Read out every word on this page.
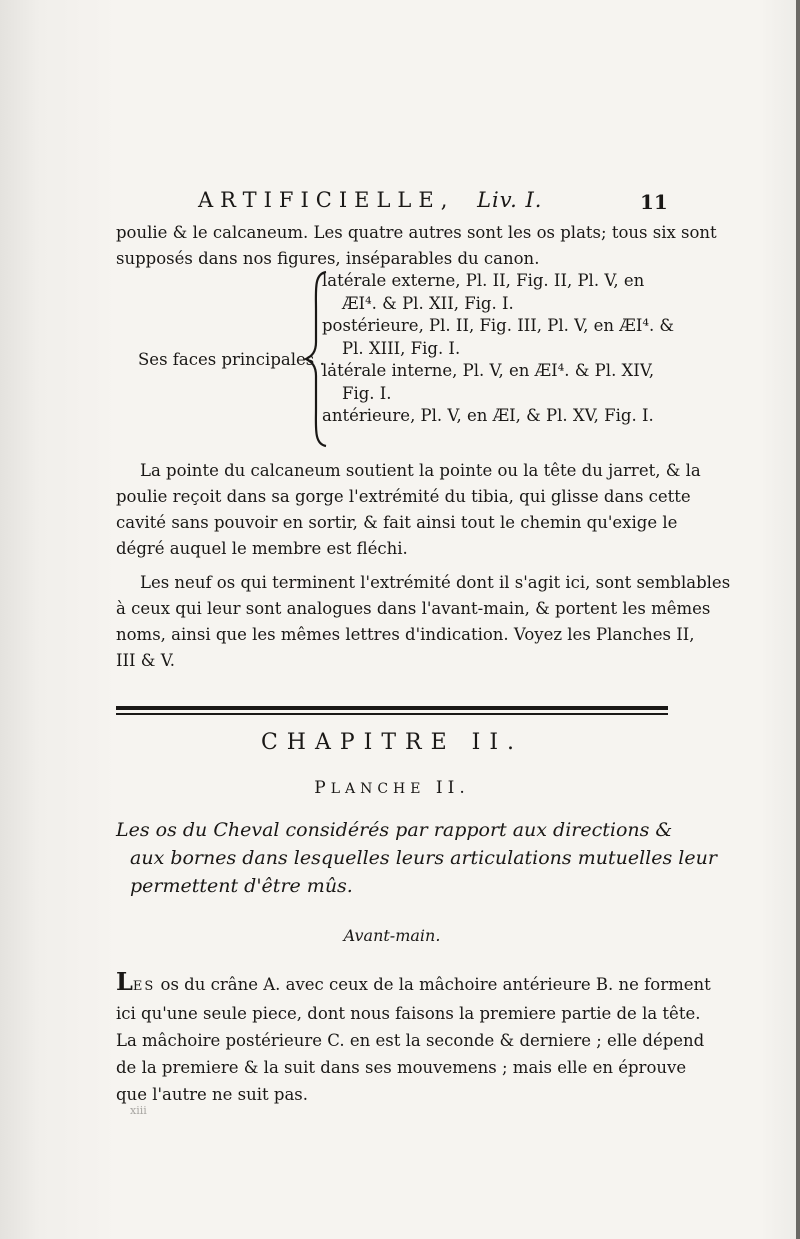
ARTIFICIELLE, Liv. I.	11
poulie & le calcaneum. Les quatre autres sont les os plats; tous six sont
supposés dans nos figures, inséparables du canon.
Ses faces principales . .
latérale externe, Pl. II, Fig. II, Pl. V, en
ÆI⁴. & Pl. XII, Fig. I.
postérieure, Pl. II, Fig. III, Pl. V, en ÆI⁴. &
Pl. XIII, Fig. I.
latérale interne, Pl. V, en ÆI⁴. & Pl. XIV,
Fig. I.
antérieure, Pl. V, en ÆI, & Pl. XV, Fig. I.
La pointe du calcaneum soutient la pointe ou la tête du jarret, & la
poulie reçoit dans sa gorge l'extrémité du tibia, qui glisse dans cette
cavité sans pouvoir en sortir, & fait ainsi tout le chemin qu'exige le
dégré auquel le membre est fléchi.
Les neuf os qui terminent l'extrémité dont il s'agit ici, sont semblables
à ceux qui leur sont analogues dans l'avant-main, & portent les mêmes
noms, ainsi que les mêmes lettres d'indication. Voyez les Planches II,
III & V.
CHAPITRE II.
PLANCHE II.
Les os du Cheval considérés par rapport aux directions &
aux bornes dans lesquelles leurs articulations mutuelles leur
permettent d'être mûs.
Avant-main.
LES os du crâne A. avec ceux de la mâchoire antérieure B. ne forment
ici qu'une seule piece, dont nous faisons la premiere partie de la tête.
La mâchoire postérieure C. en est la seconde & derniere ; elle dépend
de la premiere & la suit dans ses mouvemens ; mais elle en éprouve
que l'autre ne suit pas.
xiii
